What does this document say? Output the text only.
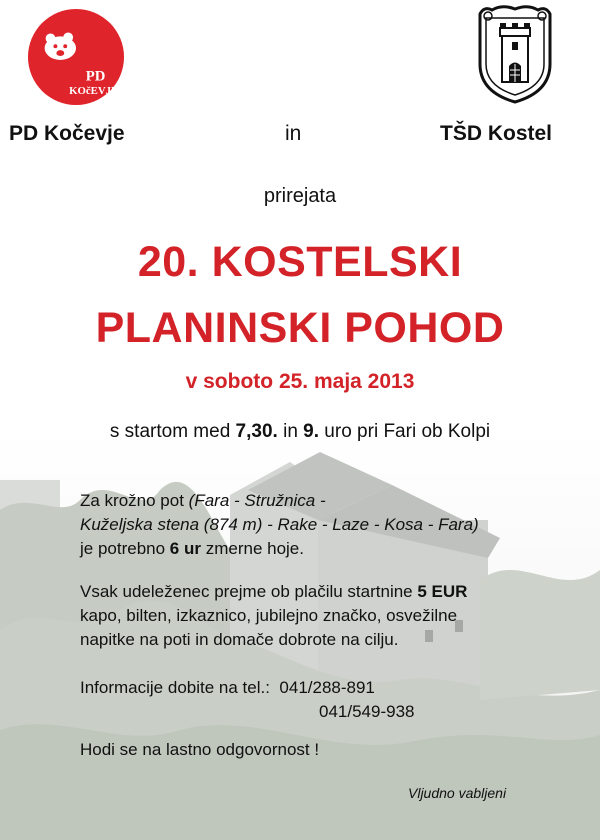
PD
KOčEVJE
PD Kočevje	in	TŠD Kostel
prirejata
20. KOSTELSKI
PLANINSKI POHOD
v soboto 25. maja 2013
s startom med 7,30. in 9. uro pri Fari ob Kolpi
Za krožno pot (Fara - Stružnica -
Kuželjska stena (874 m) - Rake - Laze - Kosa - Fara)
je potrebno 6 ur zmerne hoje.
Vsak udeleženec prejme ob plačilu startnine 5 EUR
kapo, bilten, izkaznico, jubilejno značko, osvežilne
napitke na poti in domače dobrote na cilju.
Informacije dobite na tel.: 041/288-891
041/549-938
Hodi se na lastno odgovornost !
Vljudno vabljeni
